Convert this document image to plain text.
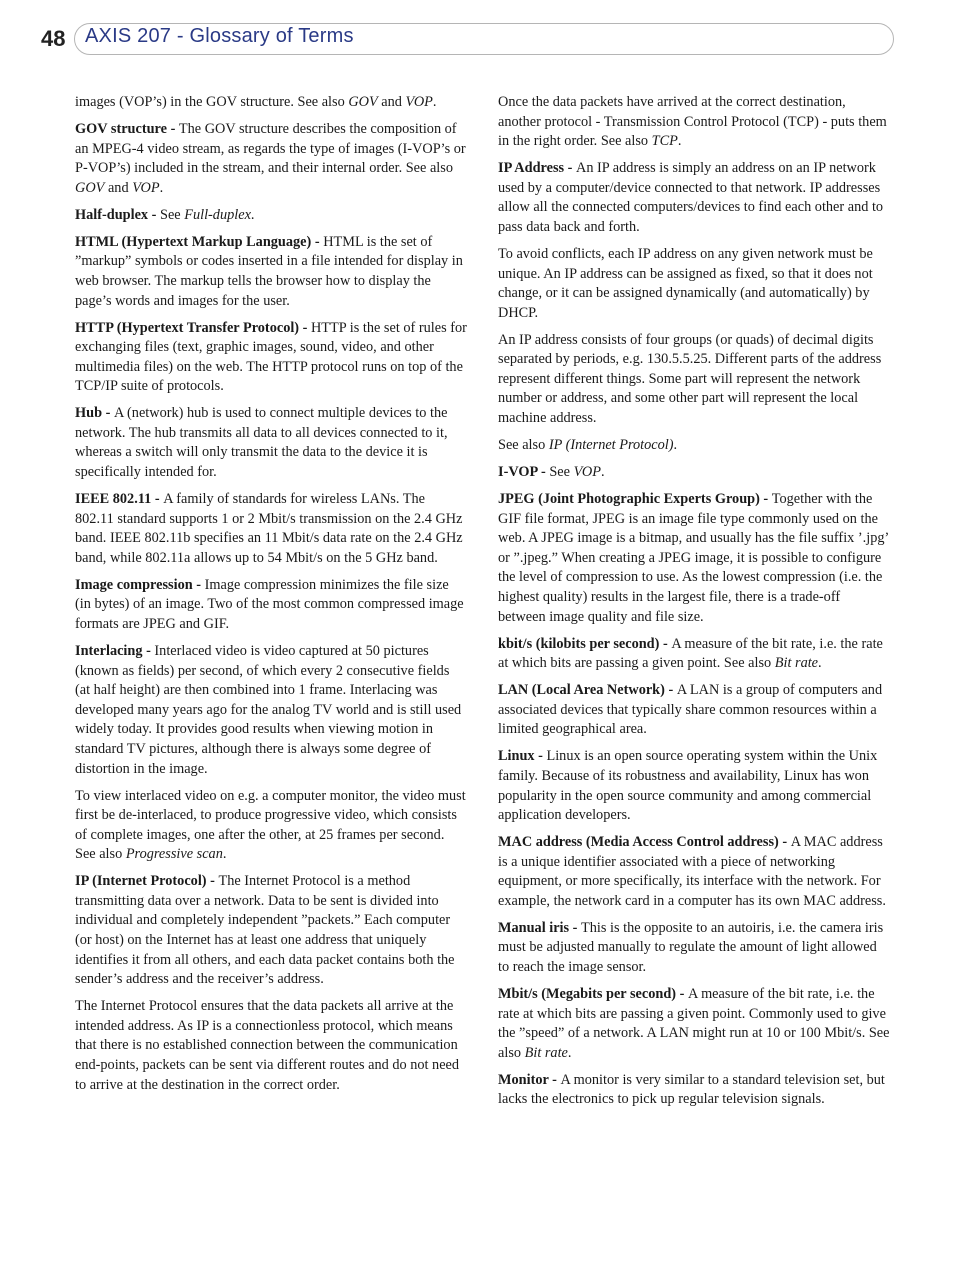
48 AXIS 207 - Glossary of Terms

images (VOP’s) in the GOV structure. See also GOV and VOP.

GOV structure - The GOV structure describes the composition of an MPEG-4 video stream, as regards the type of images (I-VOP’s or P-VOP’s) included in the stream, and their internal order. See also GOV and VOP.

Half-duplex - See Full-duplex.

HTML (Hypertext Markup Language) - HTML is the set of ”markup” symbols or codes inserted in a file intended for display in web browser. The markup tells the browser how to display the page’s words and images for the user.

HTTP (Hypertext Transfer Protocol) - HTTP is the set of rules for exchanging files (text, graphic images, sound, video, and other multimedia files) on the web. The HTTP protocol runs on top of the TCP/IP suite of protocols.

Hub - A (network) hub is used to connect multiple devices to the network. The hub transmits all data to all devices connected to it, whereas a switch will only transmit the data to the device it is specifically intended for.

IEEE 802.11 - A family of standards for wireless LANs. The 802.11 standard supports 1 or 2 Mbit/s transmission on the 2.4 GHz band. IEEE 802.11b specifies an 11 Mbit/s data rate on the 2.4 GHz band, while 802.11a allows up to 54 Mbit/s on the 5 GHz band.

Image compression - Image compression minimizes the file size (in bytes) of an image. Two of the most common compressed image formats are JPEG and GIF.

Interlacing - Interlaced video is video captured at 50 pictures (known as fields) per second, of which every 2 consecutive fields (at half height) are then combined into 1 frame. Interlacing was developed many years ago for the analog TV world and is still used widely today. It provides good results when viewing motion in standard TV pictures, although there is always some degree of distortion in the image.

To view interlaced video on e.g. a computer monitor, the video must first be de-interlaced, to produce progressive video, which consists of complete images, one after the other, at 25 frames per second. See also Progressive scan.

IP (Internet Protocol) - The Internet Protocol is a method transmitting data over a network. Data to be sent is divided into individual and completely independent ”packets.” Each computer (or host) on the Internet has at least one address that uniquely identifies it from all others, and each data packet contains both the sender’s address and the receiver’s address.

The Internet Protocol ensures that the data packets all arrive at the intended address. As IP is a connectionless protocol, which means that there is no established connection between the communication end-points, packets can be sent via different routes and do not need to arrive at the destination in the correct order.

Once the data packets have arrived at the correct destination, another protocol - Transmission Control Protocol (TCP) - puts them in the right order. See also TCP.

IP Address - An IP address is simply an address on an IP network used by a computer/device connected to that network. IP addresses allow all the connected computers/devices to find each other and to pass data back and forth.

To avoid conflicts, each IP address on any given network must be unique. An IP address can be assigned as fixed, so that it does not change, or it can be assigned dynamically (and automatically) by DHCP.

An IP address consists of four groups (or quads) of decimal digits separated by periods, e.g. 130.5.5.25. Different parts of the address represent different things. Some part will represent the network number or address, and some other part will represent the local machine address.

See also IP (Internet Protocol).

I-VOP - See VOP.

JPEG (Joint Photographic Experts Group) - Together with the GIF file format, JPEG is an image file type commonly used on the web. A JPEG image is a bitmap, and usually has the file suffix ’.jpg’ or ”.jpeg.” When creating a JPEG image, it is possible to configure the level of compression to use. As the lowest compression (i.e. the highest quality) results in the largest file, there is a trade-off between image quality and file size.

kbit/s (kilobits per second) - A measure of the bit rate, i.e. the rate at which bits are passing a given point. See also Bit rate.

LAN (Local Area Network) - A LAN is a group of computers and associated devices that typically share common resources within a limited geographical area.

Linux - Linux is an open source operating system within the Unix family. Because of its robustness and availability, Linux has won popularity in the open source community and among commercial application developers.

MAC address (Media Access Control address) - A MAC address is a unique identifier associated with a piece of networking equipment, or more specifically, its interface with the network. For example, the network card in a computer has its own MAC address.

Manual iris - This is the opposite to an autoiris, i.e. the camera iris must be adjusted manually to regulate the amount of light allowed to reach the image sensor.

Mbit/s (Megabits per second) - A measure of the bit rate, i.e. the rate at which bits are passing a given point. Commonly used to give the ”speed” of a network. A LAN might run at 10 or 100 Mbit/s. See also Bit rate.

Monitor - A monitor is very similar to a standard television set, but lacks the electronics to pick up regular television signals.
